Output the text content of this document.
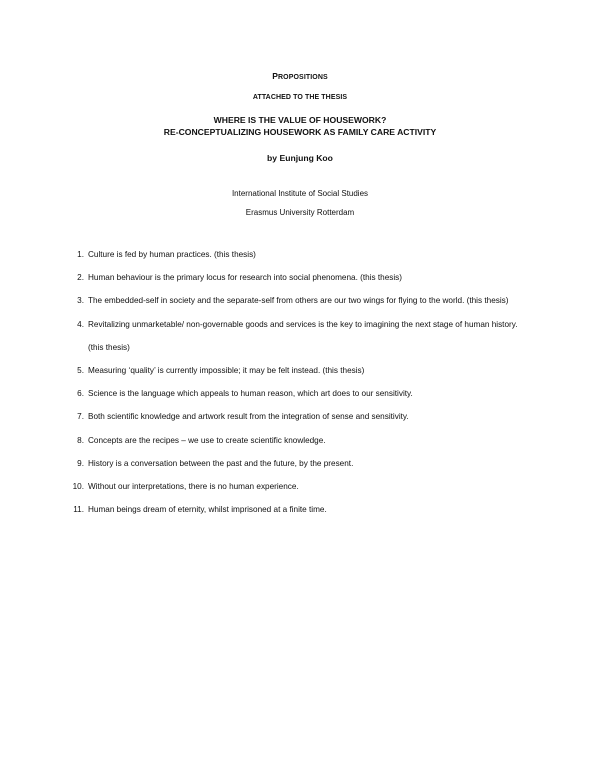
PROPOSITIONS
ATTACHED TO THE THESIS
WHERE IS THE VALUE OF HOUSEWORK?
RE-CONCEPTUALIZING HOUSEWORK AS FAMILY CARE ACTIVITY
by Eunjung Koo
International Institute of Social Studies
Erasmus University Rotterdam
1. Culture is fed by human practices. (this thesis)
2. Human behaviour is the primary locus for research into social phenomena. (this thesis)
3. The embedded-self in society and the separate-self from others are our two wings for flying to the world. (this thesis)
4. Revitalizing unmarketable/ non-governable goods and services is the key to imagining the next stage of human history. (this thesis)
5. Measuring ‘quality’ is currently impossible; it may be felt instead. (this thesis)
6. Science is the language which appeals to human reason, which art does to our sensitivity.
7. Both scientific knowledge and artwork result from the integration of sense and sensitivity.
8. Concepts are the recipes – we use to create scientific knowledge.
9. History is a conversation between the past and the future, by the present.
10. Without our interpretations, there is no human experience.
11. Human beings dream of eternity, whilst imprisoned at a finite time.
